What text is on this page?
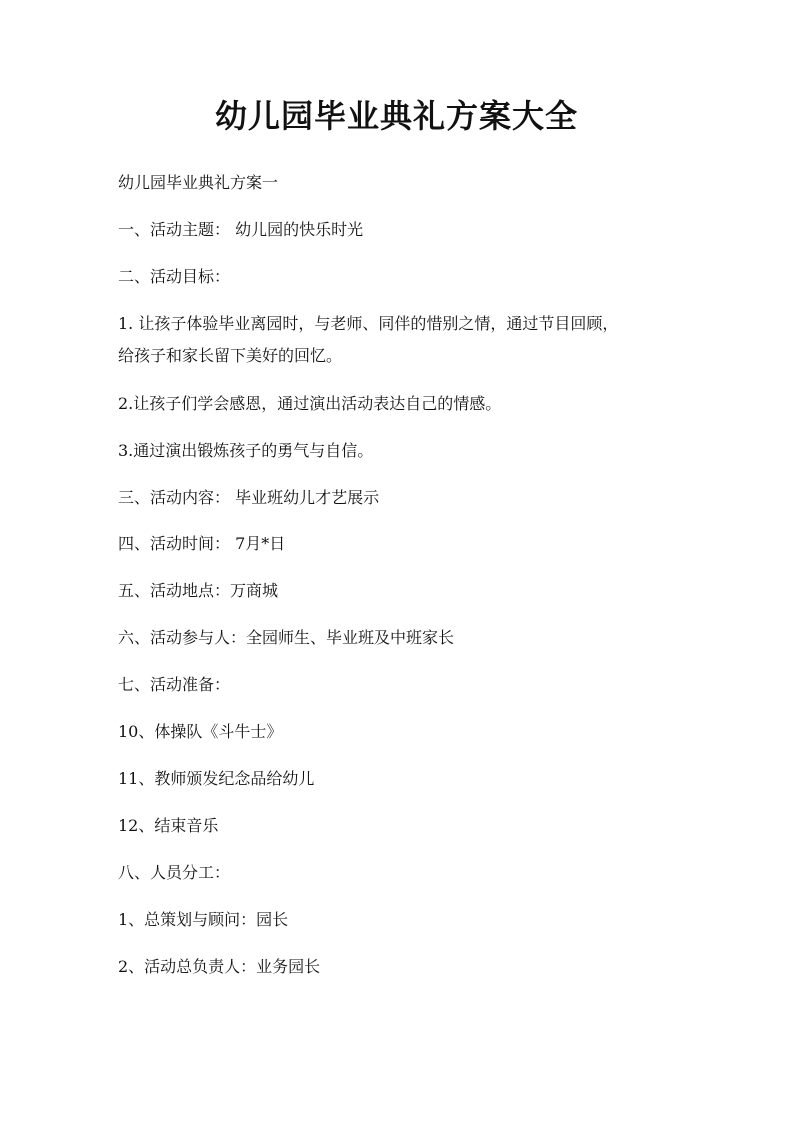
幼儿园毕业典礼方案大全
幼儿园毕业典礼方案一
一、活动主题： 幼儿园的快乐时光
二、活动目标：
1. 让孩子体验毕业离园时，与老师、同伴的惜别之情，通过节目回顾，
给孩子和家长留下美好的回忆。
2.让孩子们学会感恩，通过演出活动表达自己的情感。
3.通过演出锻炼孩子的勇气与自信。
三、活动内容： 毕业班幼儿才艺展示
四、活动时间： 7月*日
五、活动地点：万商城
六、活动参与人：全园师生、毕业班及中班家长
七、活动准备：
10、体操队《斗牛士》
11、教师颁发纪念品给幼儿
12、结束音乐
八、人员分工：
1、总策划与顾问：园长
2、活动总负责人：业务园长
